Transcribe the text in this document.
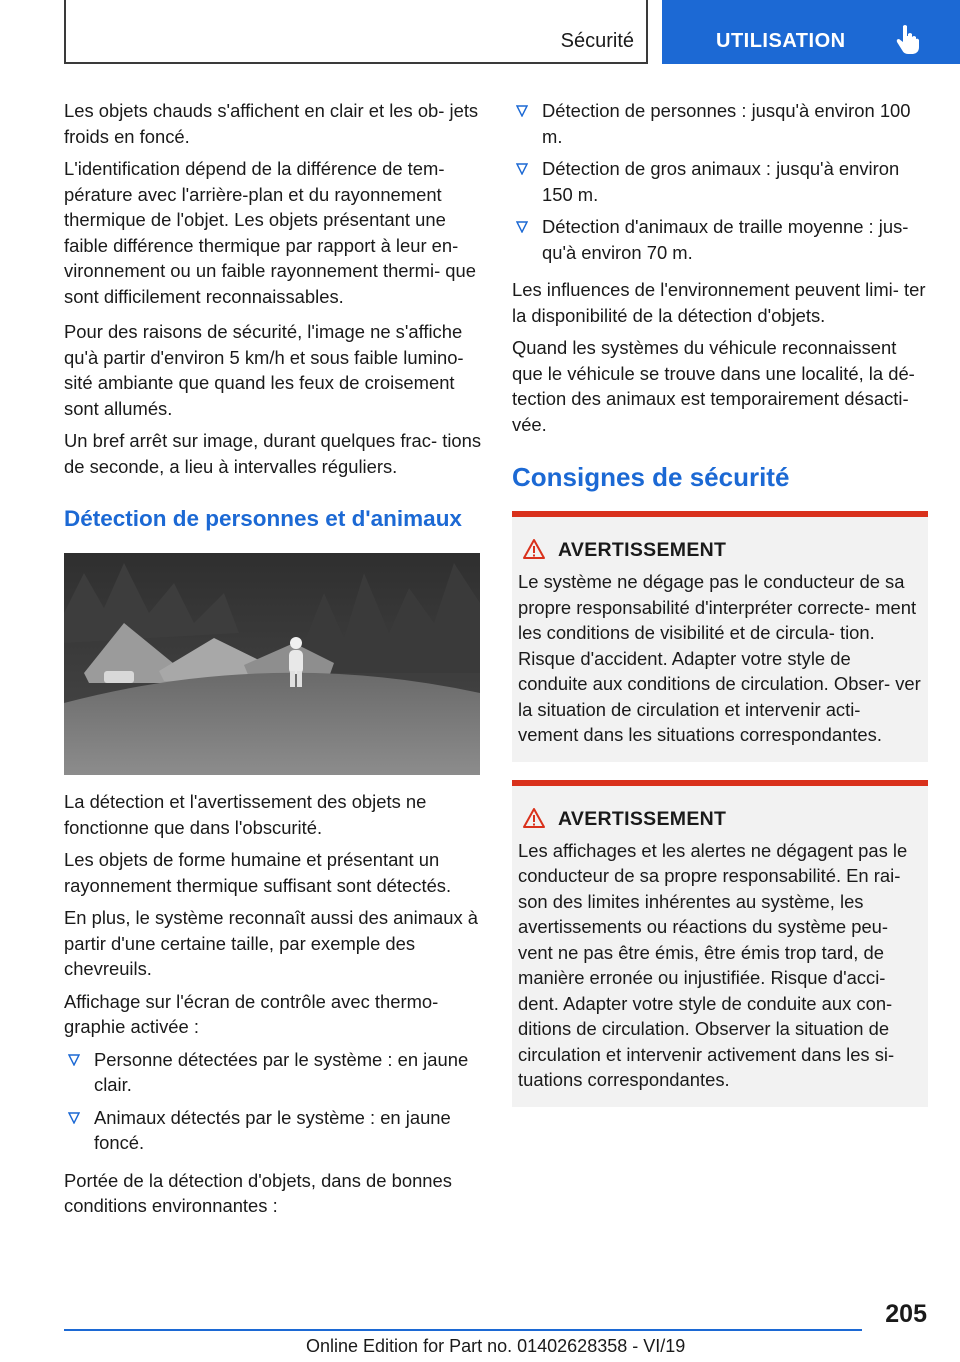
Sécurité	UTILISATION

Les objets chauds s'affichent en clair et les ob‐ jets froids en foncé.

L'identification dépend de la différence de tem‐ pérature avec l'arrière-plan et du rayonnement thermique de l'objet. Les objets présentant une faible différence thermique par rapport à leur en‐ vironnement ou un faible rayonnement thermi‐ que sont difficilement reconnaissables.

Pour des raisons de sécurité, l'image ne s'affiche qu'à partir d'environ 5 km/h et sous faible lumino‐ sité ambiante que quand les feux de croisement sont allumés.

Un bref arrêt sur image, durant quelques frac‐ tions de seconde, a lieu à intervalles réguliers.

Détection de personnes et d'animaux

La détection et l'avertissement des objets ne fonctionne que dans l'obscurité.

Les objets de forme humaine et présentant un rayonnement thermique suffisant sont détectés.

En plus, le système reconnaît aussi des animaux à partir d'une certaine taille, par exemple des chevreuils.

Affichage sur l'écran de contrôle avec thermo‐ graphie activée :

Personne détectées par le système : en jaune clair.
Animaux détectés par le système : en jaune foncé.

Portée de la détection d'objets, dans de bonnes conditions environnantes :

Détection de personnes : jusqu'à environ 100 m.
Détection de gros animaux : jusqu'à environ 150 m.
Détection d'animaux de traille moyenne : jus‐ qu'à environ 70 m.

Les influences de l'environnement peuvent limi‐ ter la disponibilité de la détection d'objets.

Quand les systèmes du véhicule reconnaissent que le véhicule se trouve dans une localité, la dé‐ tection des animaux est temporairement désacti‐ vée.

Consignes de sécurité
AVERTISSEMENT

Le système ne dégage pas le conducteur de sa propre responsabilité d'interpréter correcte‐ ment les conditions de visibilité et de circula‐ tion. Risque d'accident. Adapter votre style de conduite aux conditions de circulation. Obser‐ ver la situation de circulation et intervenir acti‐ vement dans les situations correspondantes.

AVERTISSEMENT

Les affichages et les alertes ne dégagent pas le conducteur de sa propre responsabilité. En rai‐ son des limites inhérentes au système, les avertissements ou réactions du système peu‐ vent ne pas être émis, être émis trop tard, de manière erronée ou injustifiée. Risque d'acci‐ dent. Adapter votre style de conduite aux con‐ ditions de circulation. Observer la situation de circulation et intervenir activement dans les si‐ tuations correspondantes.

205
Online Edition for Part no. 01402628358 - VI/19
